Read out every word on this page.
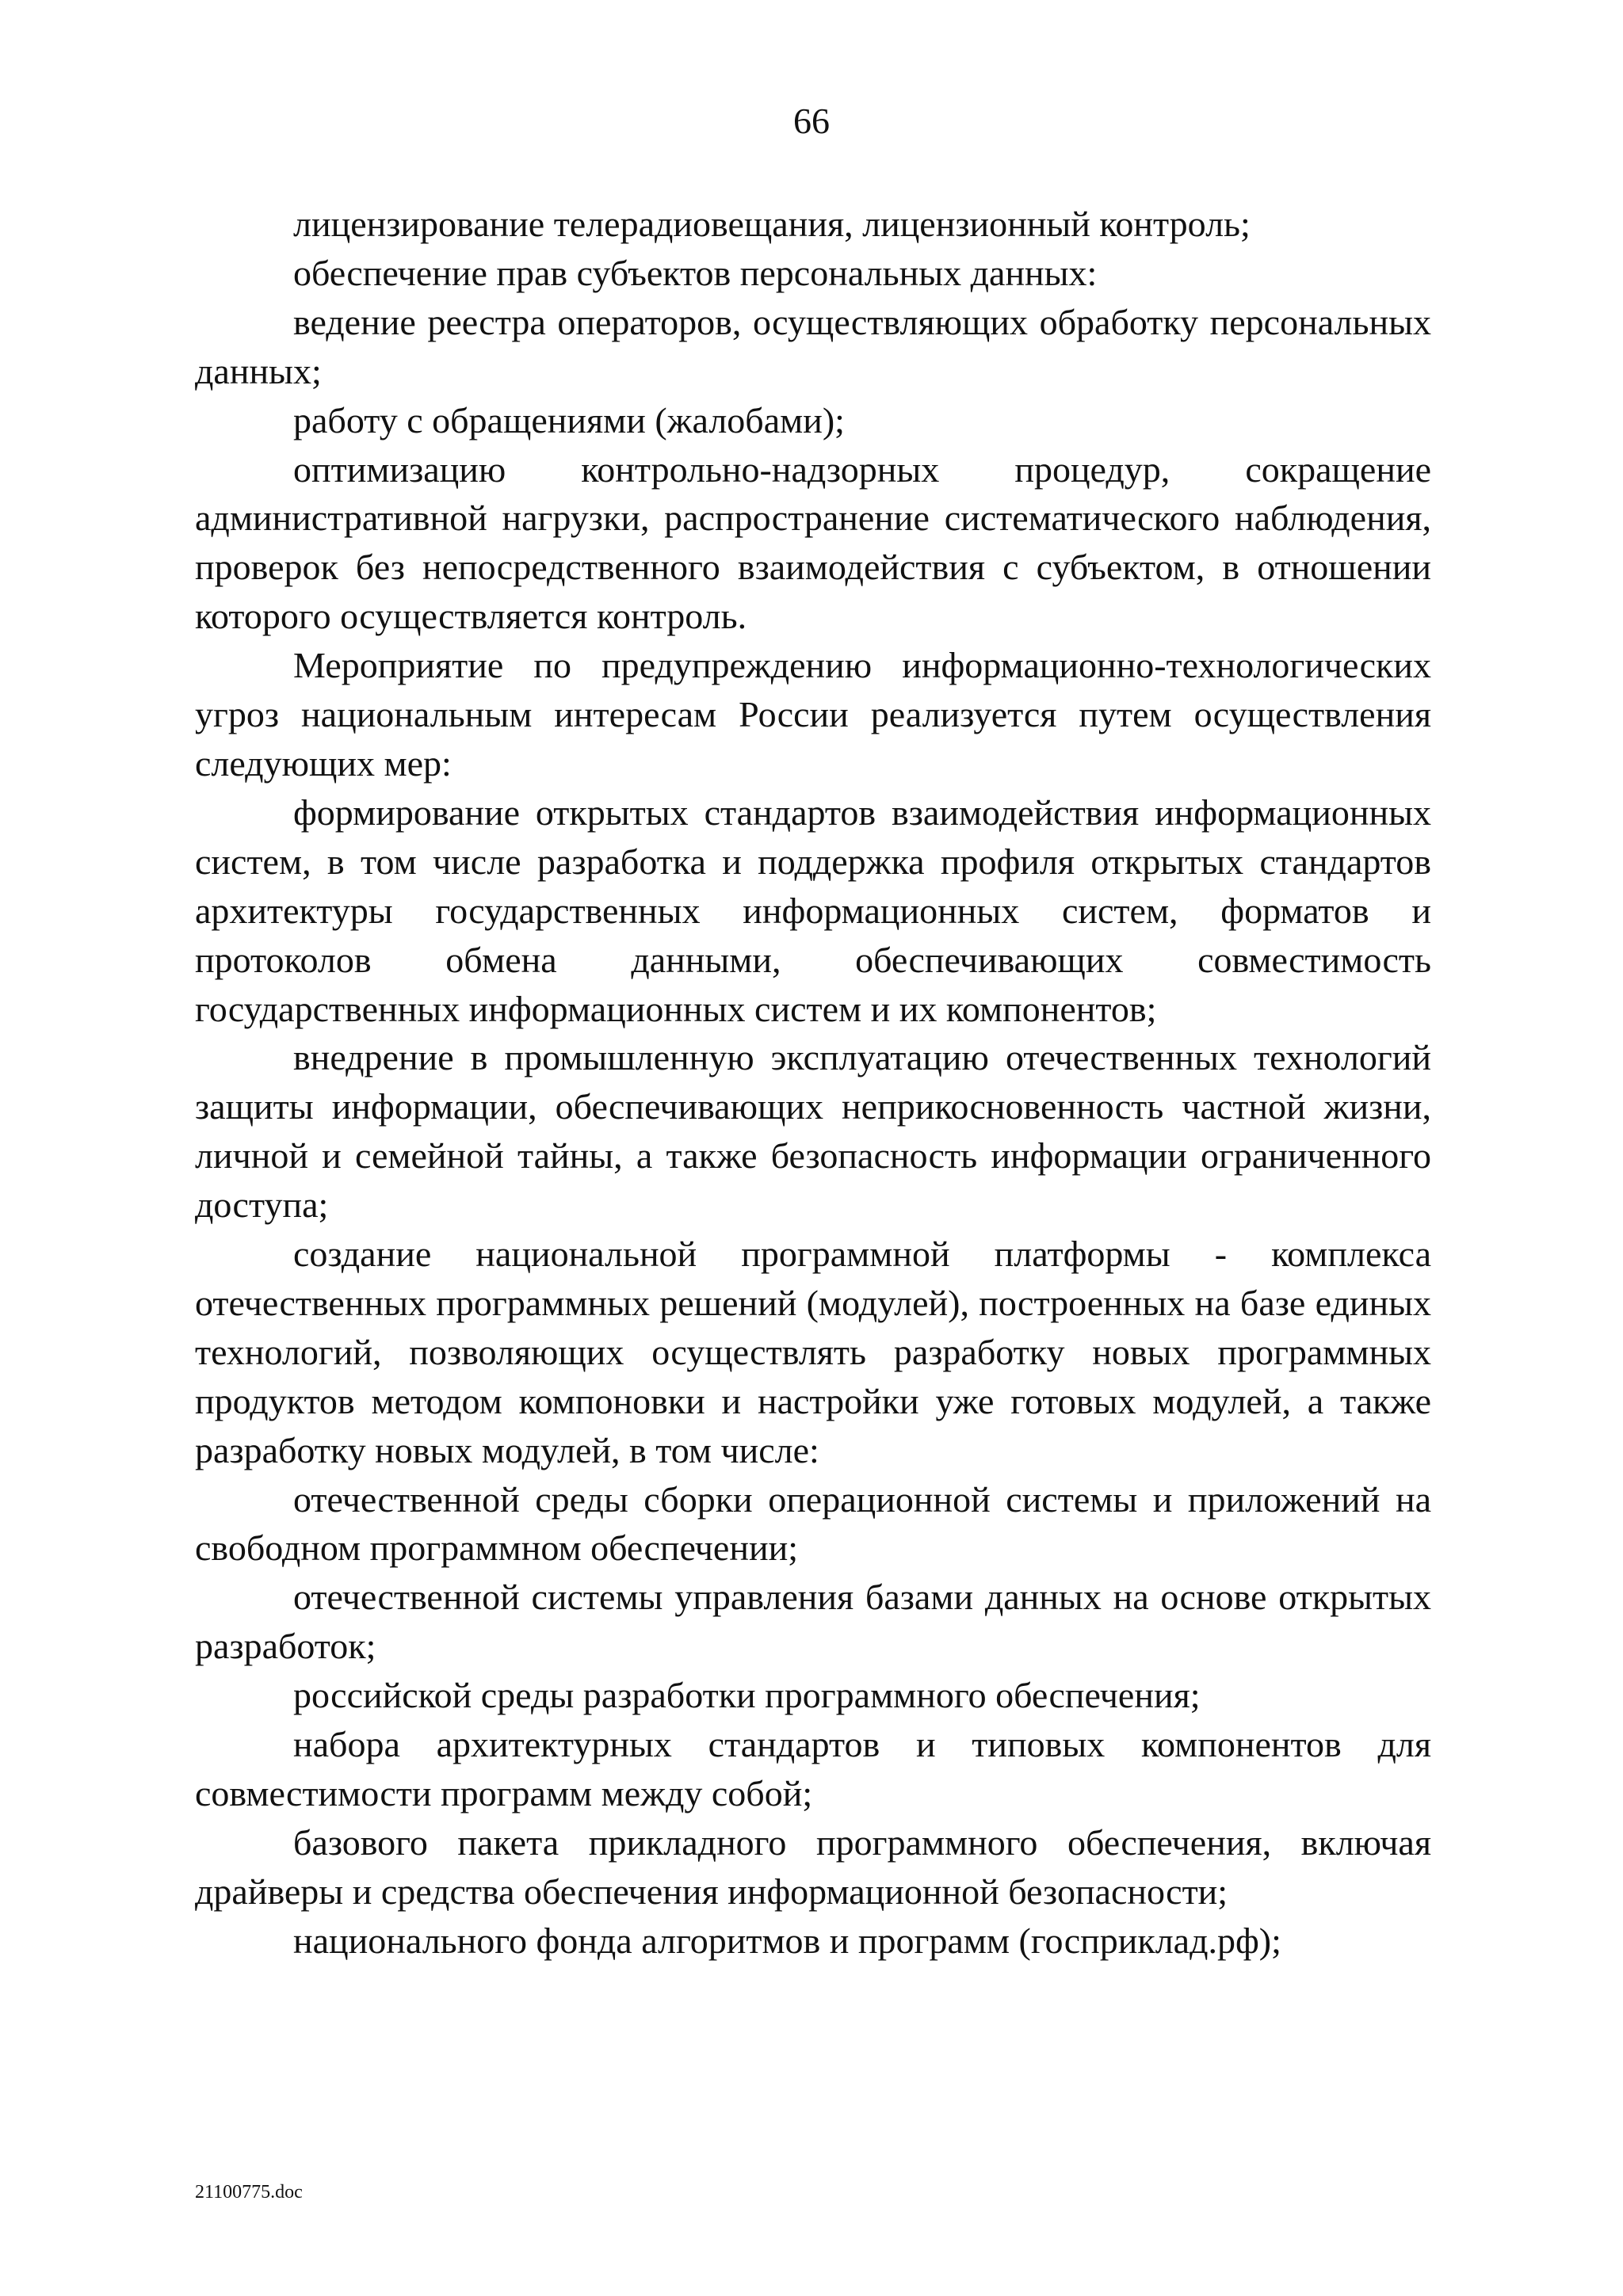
66

лицензирование телерадиовещания, лицензионный контроль;

обеспечение прав субъектов персональных данных:

ведение реестра операторов, осуществляющих обработку персональных данных;

работу с обращениями (жалобами);

оптимизацию контрольно-надзорных процедур, сокращение административной нагрузки, распространение систематического наблюдения, проверок без непосредственного взаимодействия с субъектом, в отношении которого осуществляется контроль.

Мероприятие по предупреждению информационно-технологических угроз национальным интересам России реализуется путем осуществления следующих мер:

формирование открытых стандартов взаимодействия информационных систем, в том числе разработка и поддержка профиля открытых стандартов архитектуры государственных информационных систем, форматов и протоколов обмена данными, обеспечивающих совместимость государственных информационных систем и их компонентов;

внедрение в промышленную эксплуатацию отечественных технологий защиты информации, обеспечивающих неприкосновенность частной жизни, личной и семейной тайны, а также безопасность информации ограниченного доступа;

создание национальной программной платформы - комплекса отечественных программных решений (модулей), построенных на базе единых технологий, позволяющих осуществлять разработку новых программных продуктов методом компоновки и настройки уже готовых модулей, а также разработку новых модулей, в том числе:

отечественной среды сборки операционной системы и приложений на свободном программном обеспечении;

отечественной системы управления базами данных на основе открытых разработок;

российской среды разработки программного обеспечения;

набора архитектурных стандартов и типовых компонентов для совместимости программ между собой;

базового пакета прикладного программного обеспечения, включая драйверы и средства обеспечения информационной безопасности;

национального фонда алгоритмов и программ (госприклад.рф);

21100775.doc
